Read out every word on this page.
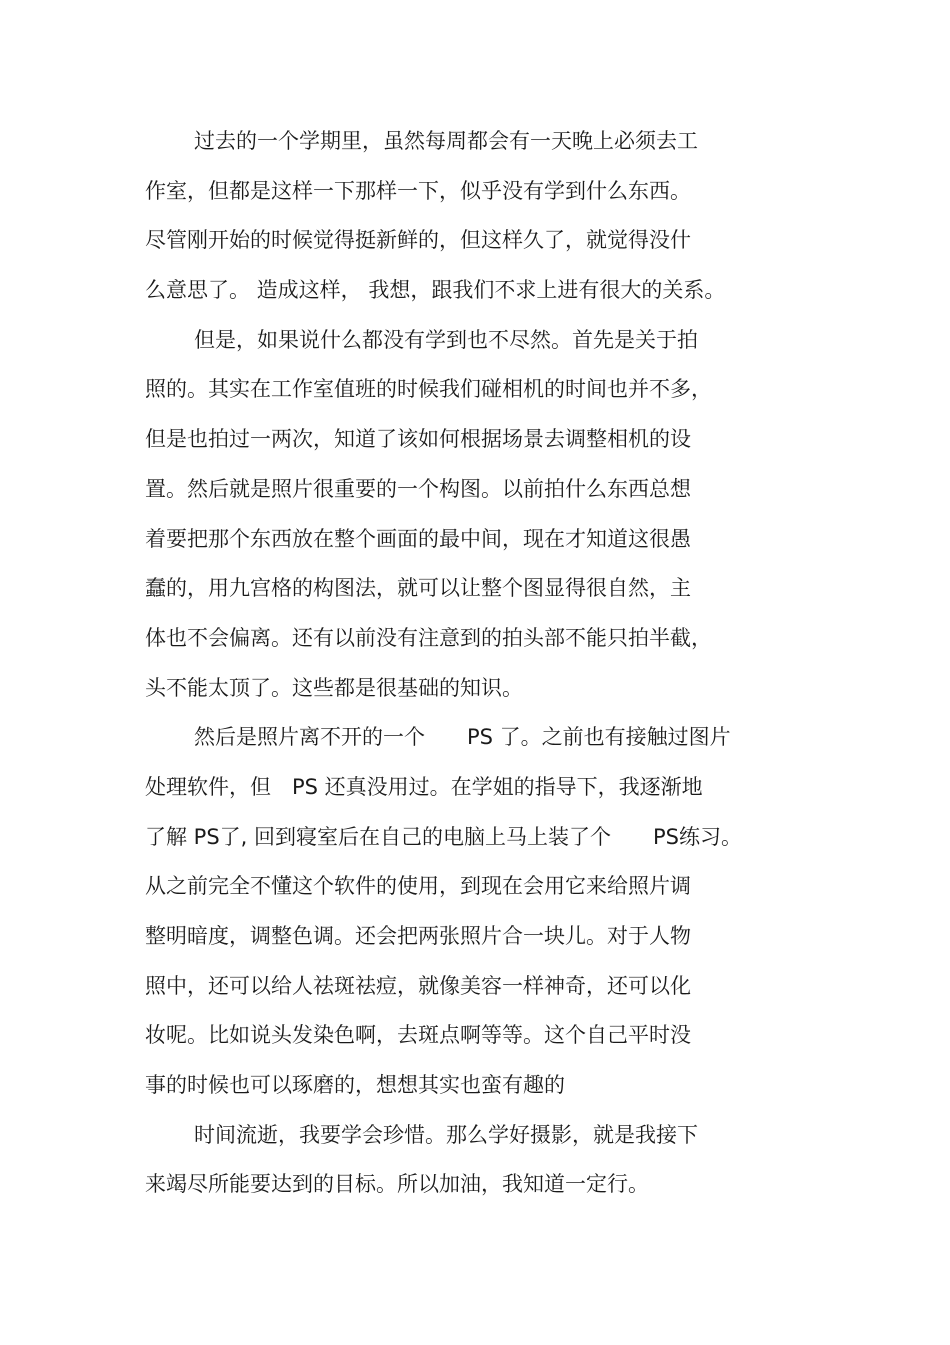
过去的一个学期里，虽然每周都会有一天晚上必须去工
作室，但都是这样一下那样一下，似乎没有学到什么东西。
尽管刚开始的时候觉得挺新鲜的，但这样久了，就觉得没什
么意思了。 造成这样， 我想，跟我们不求上进有很大的关系。
但是，如果说什么都没有学到也不尽然。首先是关于拍
照的。其实在工作室值班的时候我们碰相机的时间也并不多，
但是也拍过一两次，知道了该如何根据场景去调整相机的设
置。然后就是照片很重要的一个构图。以前拍什么东西总想
着要把那个东西放在整个画面的最中间，现在才知道这很愚
蠢的，用九宫格的构图法，就可以让整个图显得很自然，主
体也不会偏离。还有以前没有注意到的拍头部不能只拍半截，
头不能太顶了。这些都是很基础的知识。
然后是照片离不开的一个　　PS 了。之前也有接触过图片
处理软件，但　PS 还真没用过。在学姐的指导下，我逐渐地
了解 PS了, 回到寝室后在自己的电脑上马上装了个　　PS练习。
从之前完全不懂这个软件的使用，到现在会用它来给照片调
整明暗度，调整色调。还会把两张照片合一块儿。对于人物
照中，还可以给人祛斑祛痘，就像美容一样神奇，还可以化
妆呢。比如说头发染色啊，去斑点啊等等。这个自己平时没
事的时候也可以琢磨的，想想其实也蛮有趣的
时间流逝，我要学会珍惜。那么学好摄影，就是我接下
来竭尽所能要达到的目标。所以加油，我知道一定行。
